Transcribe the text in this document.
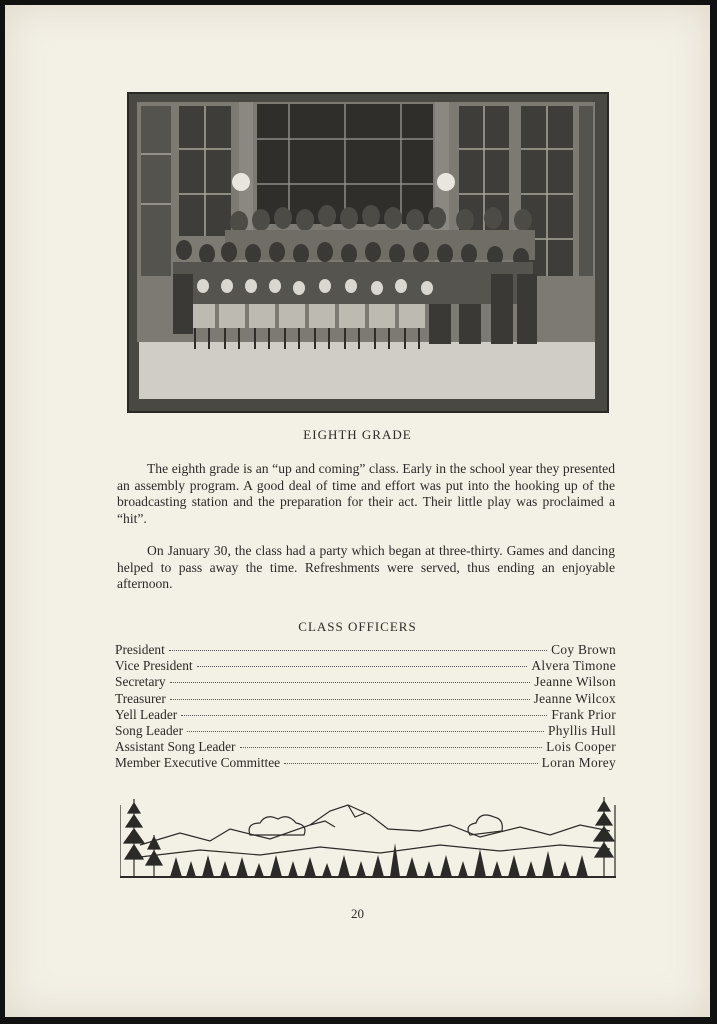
EIGHTH GRADE

The eighth grade is an “up and coming” class. Early in the school year they presented an assembly program. A good deal of time and effort was put into the hooking up of the broadcasting station and the preparation for their act. Their little play was proclaimed a “hit”.

On January 30, the class had a party which began at three-thirty. Games and dancing helped to pass away the time. Refreshments were served, thus ending an enjoyable afternoon.

CLASS OFFICERS
President	Coy Brown
Vice President	Alvera Timone
Secretary	Jeanne Wilson
Treasurer	Jeanne Wilcox
Yell Leader	Frank Prior
Song Leader	Phyllis Hull
Assistant Song Leader	Lois Cooper
Member Executive Committee	Loran Morey
20
